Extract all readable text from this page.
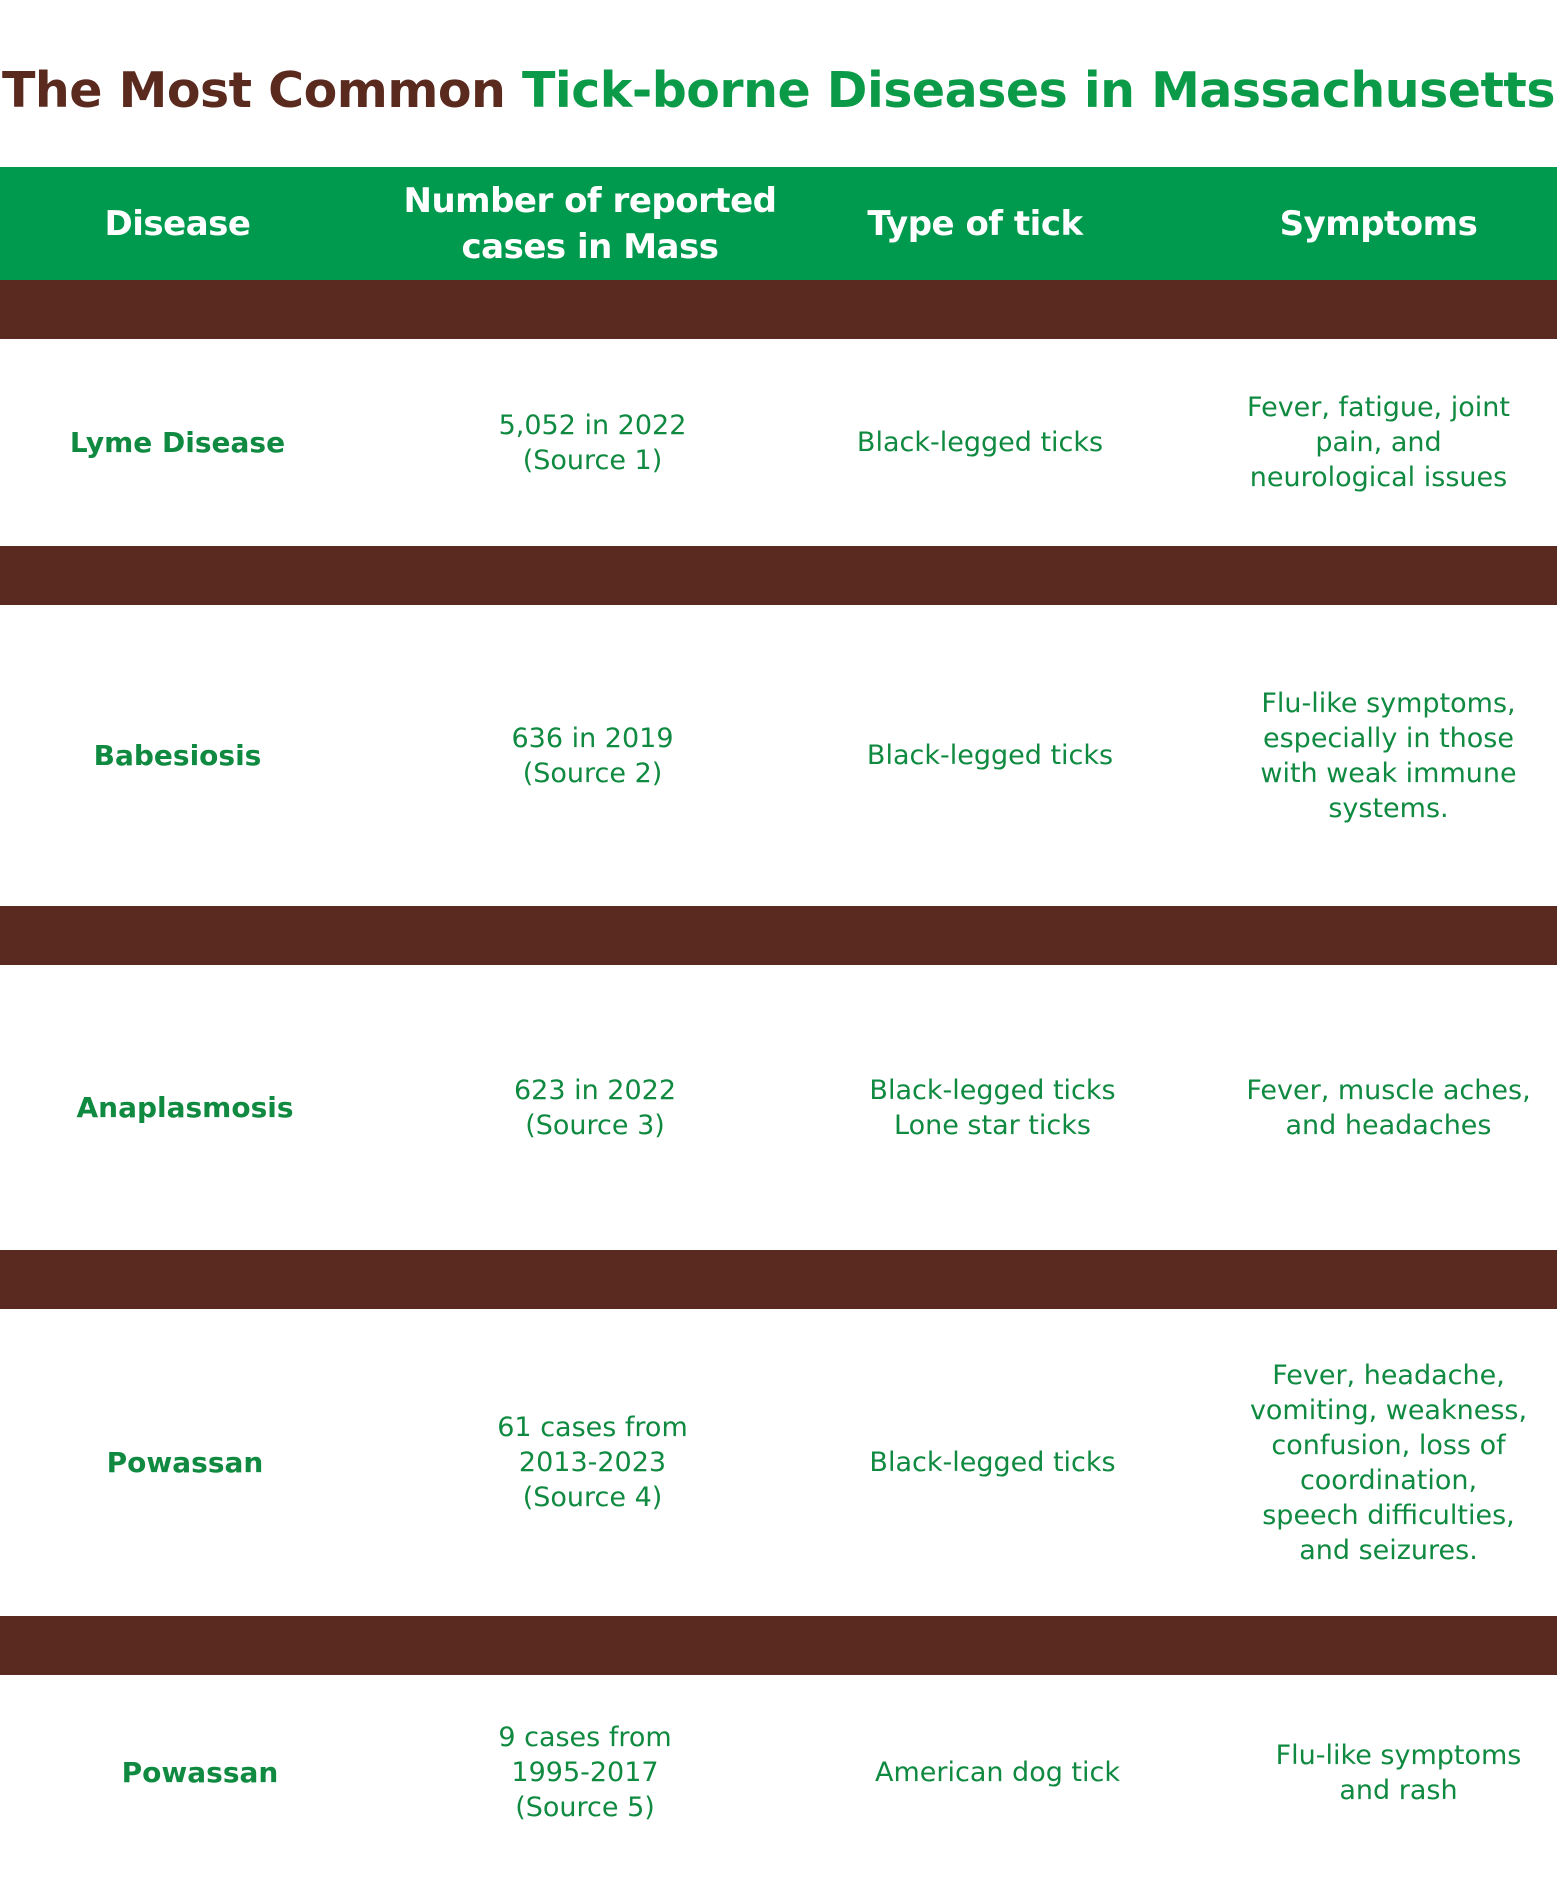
The Most Common Tick-borne Diseases in Massachusetts
Disease
Number of reported
cases in Mass
Type of tick	Symptoms
Lyme Disease
5,052 in 2022
(Source 1)
Black-legged ticks
Fever, fatigue, joint
pain, and
neurological issues
Babesiosis
636 in 2019
(Source 2)
Black-legged ticks
Flu-like symptoms,
especially in those
with weak immune
systems.
Anaplasmosis
623 in 2022
(Source 3)
Black-legged ticks
Lone star ticks
Fever, muscle aches,
and headaches
Powassan
61 cases from
2013-2023
(Source 4)
Black-legged ticks
Fever, headache,
vomiting, weakness,
confusion, loss of
coordination,
speech difficulties,
and seizures.
Powassan
9 cases from
1995-2017
(Source 5)
American dog tick
Flu-like symptoms
and rash
